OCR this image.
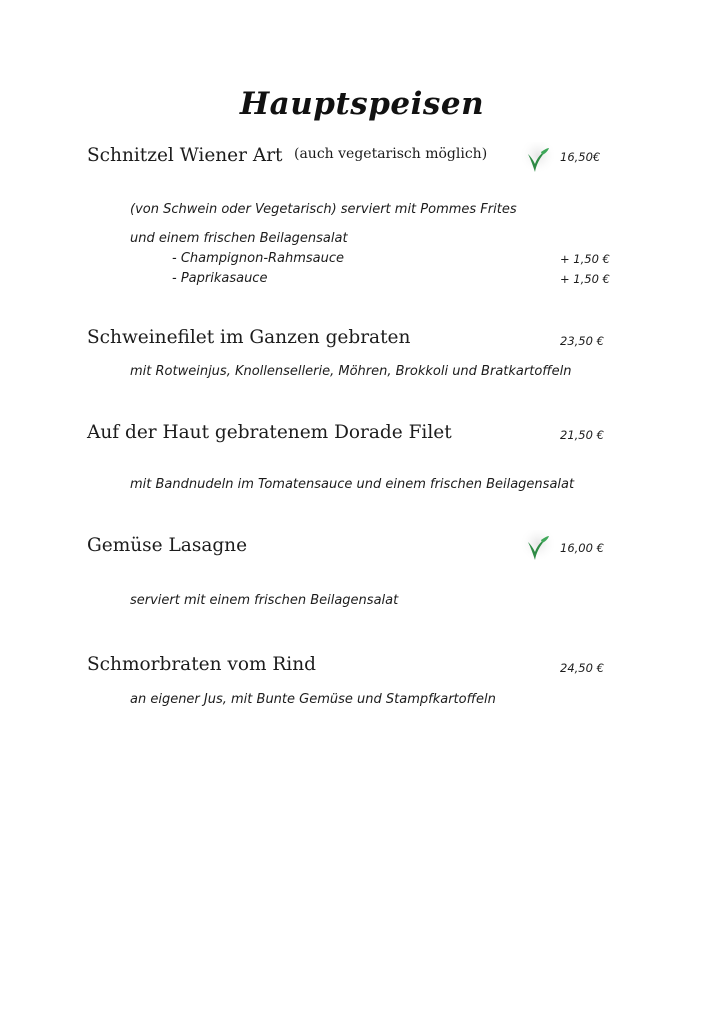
Hauptspeisen
Schnitzel Wiener Art (auch vegetarisch möglich)	16,50€
(von Schwein oder Vegetarisch) serviert mit Pommes Frites
und einem frischen Beilagensalat
- Champignon-Rahmsauce	+ 1,50 €
- Paprikasauce	+ 1,50 €
Schweinefilet im Ganzen gebraten	23,50 €
mit Rotweinjus, Knollensellerie, Möhren, Brokkoli und Bratkartoffeln
Auf der Haut gebratenem Dorade Filet	21,50 €
mit Bandnudeln im Tomatensauce und einem frischen Beilagensalat
Gemüse Lasagne	16,00 €
serviert mit einem frischen Beilagensalat
Schmorbraten vom Rind	24,50 €
an eigener Jus, mit Bunte Gemüse und Stampfkartoffeln
